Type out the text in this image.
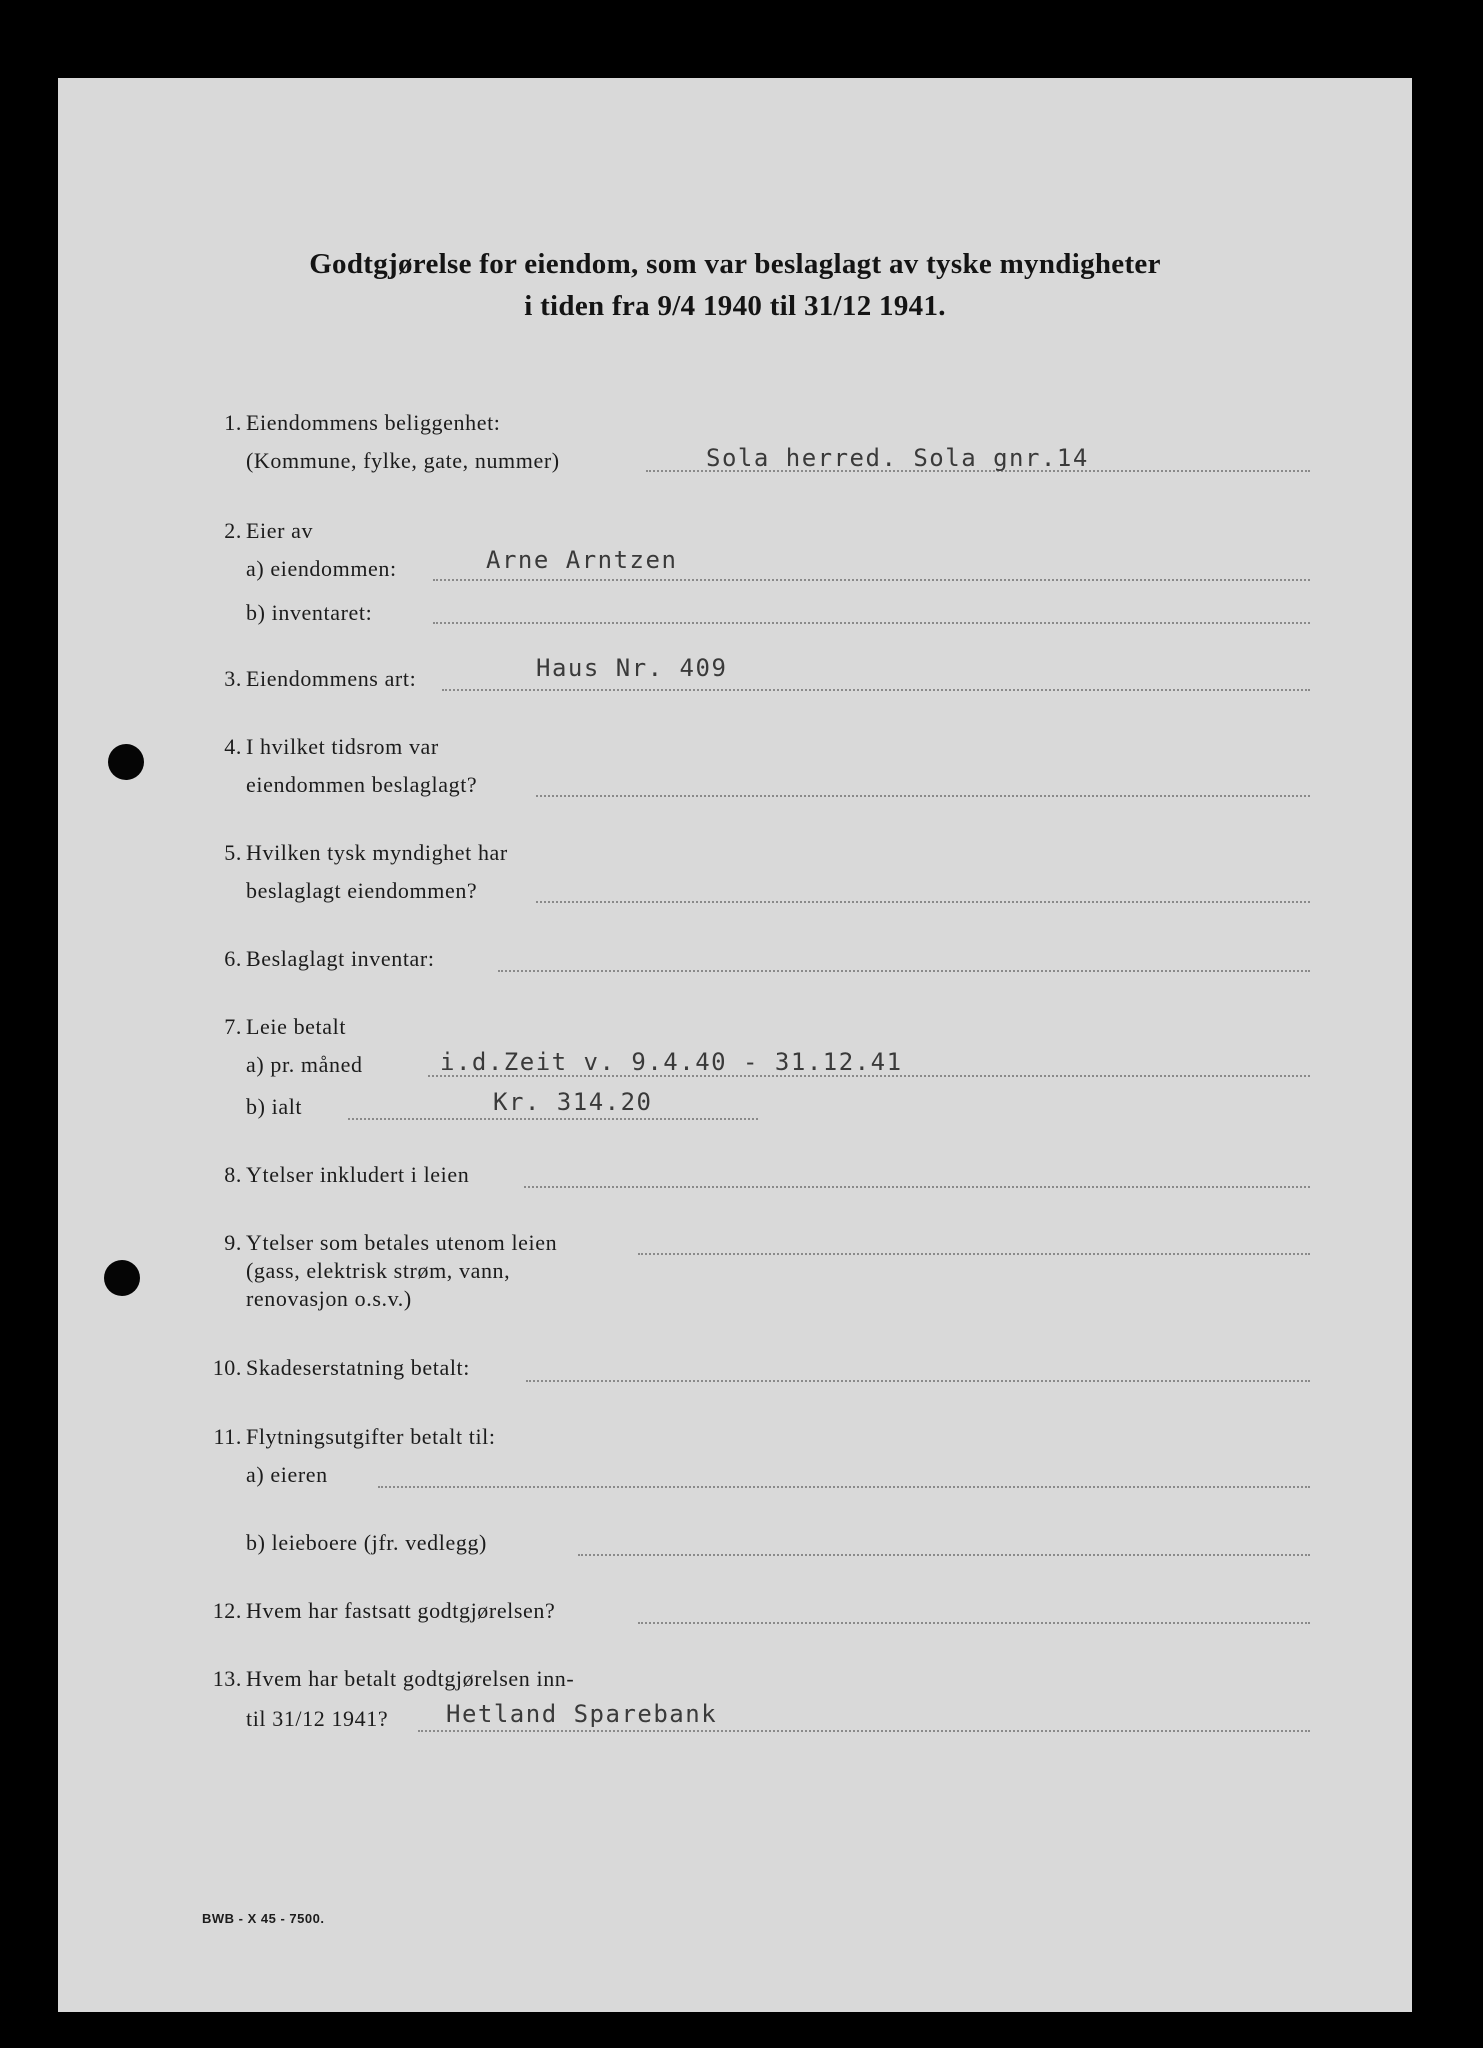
Godtgjørelse for eiendom, som var beslaglagt av tyske myndigheter
i tiden fra 9/4 1940 til 31/12 1941.
1. Eiendommens beliggenhet:
(Kommune, fylke, gate, nummer)	Sola herred. Sola gnr.14
2. Eier av
a) eiendommen:	Arne Arntzen
b) inventaret:
3. Eiendommens art:	Haus Nr. 409
4. I hvilket tidsrom var
eiendommen beslaglagt?
5. Hvilken tysk myndighet har
beslaglagt eiendommen?
6. Beslaglagt inventar:
7. Leie betalt
a) pr. måned	i.d.Zeit v. 9.4.40 - 31.12.41
b) ialt	Kr. 314.20
8. Ytelser inkludert i leien
9. Ytelser som betales utenom leien
(gass, elektrisk strøm, vann,
renovasjon o.s.v.)
10. Skadeserstatning betalt:
11. Flytningsutgifter betalt til:
a) eieren
b) leieboere (jfr. vedlegg)
12. Hvem har fastsatt godtgjørelsen?
13. Hvem har betalt godtgjørelsen inn-
til 31/12 1941? Hetland Sparebank
BWB - X 45 - 7500.
